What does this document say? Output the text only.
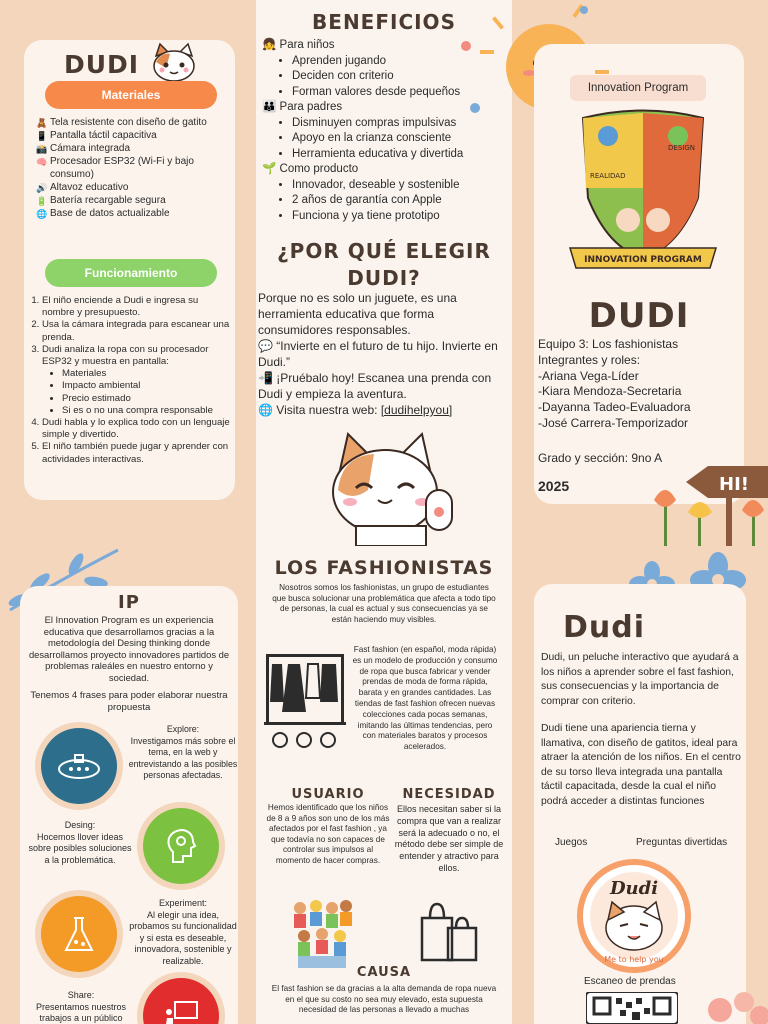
DUDI
Materiales
🧸 Tela resistente con diseño de gatito
📱 Pantalla táctil capacitiva
📸 Cámara integrada
🧠 Procesador ESP32 (Wi-Fi y bajo consumo)
🔊 Altavoz educativo
🔋 Batería recargable segura
🌐 Base de datos actualizable
Funcionamiento
1. El niño enciende a Dudi e ingresa su nombre y presupuesto.
2. Usa la cámara integrada para escanear una prenda.
3. Dudi analiza la ropa con su procesador ESP32 y muestra en pantalla:
• Materiales
• Impacto ambiental
• Precio estimado
• Si es o no una compra responsable
4. Dudi habla y lo explica todo con un lenguaje simple y divertido.
5. El niño también puede jugar y aprender con actividades interactivas.
BENEFICIOS
👧 Para niños
• Aprenden jugando
• Deciden con criterio
• Forman valores desde pequeños
👪 Para padres
• Disminuyen compras impulsivas
• Apoyo en la crianza consciente
• Herramienta educativa y divertida
🌱 Como producto
• Innovador, deseable y sostenible
• 2 años de garantía con Apple
• Funciona y ya tiene prototipo
¿POR QUÉ ELEGIR
DUDI?
Porque no es solo un juguete, es una herramienta educativa que forma consumidores responsables.
💬 “Invierte en el futuro de tu hijo. Invierte en Dudi.”
📲 ¡Pruébalo hoy! Escanea una prenda con Dudi y empieza la aventura.
🌐 Visita nuestra web: [dudihelpyou]
Innovation Program
INNOVATION PROGRAM
DESIGN
REALIDAD
DUDI
Equipo 3: Los fashionistas
Integrantes y roles:
-Ariana Vega-Líder
-Kiara Mendoza-Secretaria
-Dayanna Tadeo-Evaluadora
-José Carrera-Temporizador
Grado y sección: 9no A
2025	HI!
IP
El Innovation Program es un experiencia educativa que desarrollamos gracias a la metodología del Desing thinking donde desarrollamos proyecto innovadores partidos de problemas raleáles en nuestro entorno y sociedad.
Tenemos 4 frases para poder elaborar nuestra propuesta
Explore:
Investigamos más sobre el tema, en la web y entrevistando a las posibles personas afectadas.
Desing:
Hocemos llover ideas sobre posibles soluciones a la problemática.
Experiment:
Al elegir una idea, probamos su funcionalidad y si esta es deseable, innovadora, sostenible y realizable.
Share:
Presentamos nuestros trabajos a un público
LOS FASHIONISTAS
Nosotros somos los fashionistas, un grupo de estudiantes que busca solucionar una problemática que afecta a todo tipo de personas, la cual es actual y sus consecuencias ya se están haciendo muy visibles.
Fast fashion (en español, moda rápida) es un modelo de producción y consumo de ropa que busca fabricar y vender prendas de moda de forma rápida, barata y en grandes cantidades. Las tiendas de fast fashion ofrecen nuevas colecciones cada pocas semanas, imitando las últimas tendencias, pero con materiales baratos y procesos acelerados.
USUARIO
Hemos identificado que los niños de 8 a 9 años son uno de los más afectados por el fast fashion , ya que todavía no son capaces de controlar sus impulsos al momento de hacer compras.
NECESIDAD
Ellos necesitan saber si la compra que van a realizar será la adecuado o no, el método debe ser simple de entender y atractivo para ellos.
CAUSA
El fast fashion se da gracias a la alta demanda de ropa nueva en el que su costo no sea muy elevado, esta supuesta necesidad de las personas a llevado a muchas
Dudi
Dudi, un peluche interactivo que ayudará a los niños a aprender sobre el fast fashion, sus consecuencias y la importancia de comprar con criterio.
Dudi tiene una apariencia tierna y llamativa, con diseño de gatitos, ideal para atraer la atención de los niños. En el centro de su torso lleva integrada una pantalla táctil capacitada, desde la cual el niño podrá acceder a distintas funciones
Juegos	Preguntas divertidas
Dudi
Me to help you
Escaneo de prendas
